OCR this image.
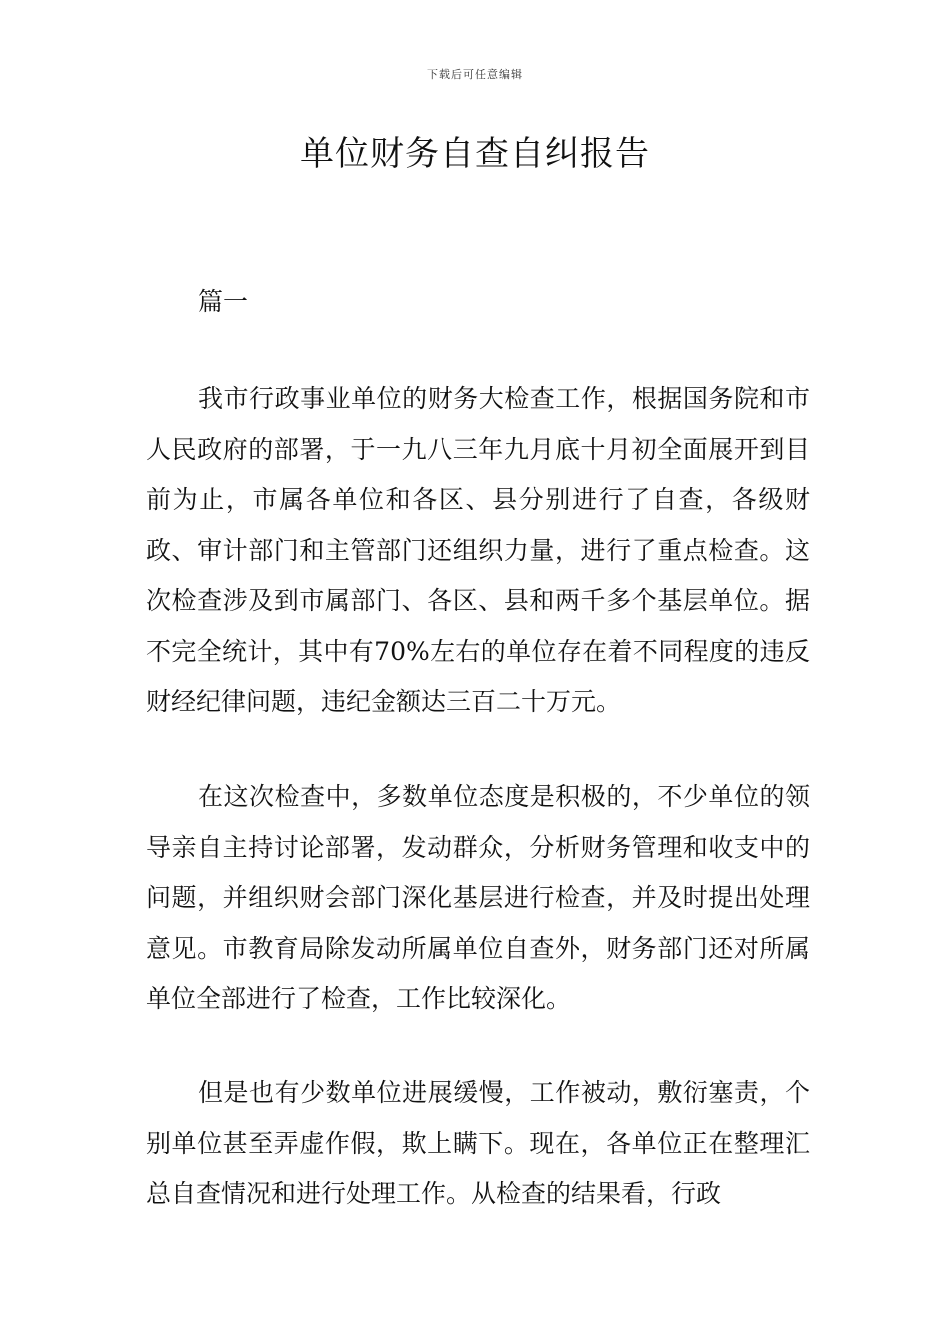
下载后可任意编辑
单位财务自查自纠报告
篇一

我市行政事业单位的财务大检查工作，根据国务院和市人民政府的部署，于一九八三年九月底十月初全面展开到目前为止，市属各单位和各区、县分别进行了自查，各级财政、审计部门和主管部门还组织力量，进行了重点检查。这次检查涉及到市属部门、各区、县和两千多个基层单位。据不完全统计，其中有70%左右的单位存在着不同程度的违反财经纪律问题，违纪金额达三百二十万元。

在这次检查中，多数单位态度是积极的，不少单位的领导亲自主持讨论部署，发动群众，分析财务管理和收支中的问题，并组织财会部门深化基层进行检查，并及时提出处理意见。市教育局除发动所属单位自查外，财务部门还对所属单位全部进行了检查，工作比较深化。

但是也有少数单位进展缓慢，工作被动，敷衍塞责，个别单位甚至弄虚作假，欺上瞒下。现在，各单位正在整理汇总自查情况和进行处理工作。从检查的结果看，行政
